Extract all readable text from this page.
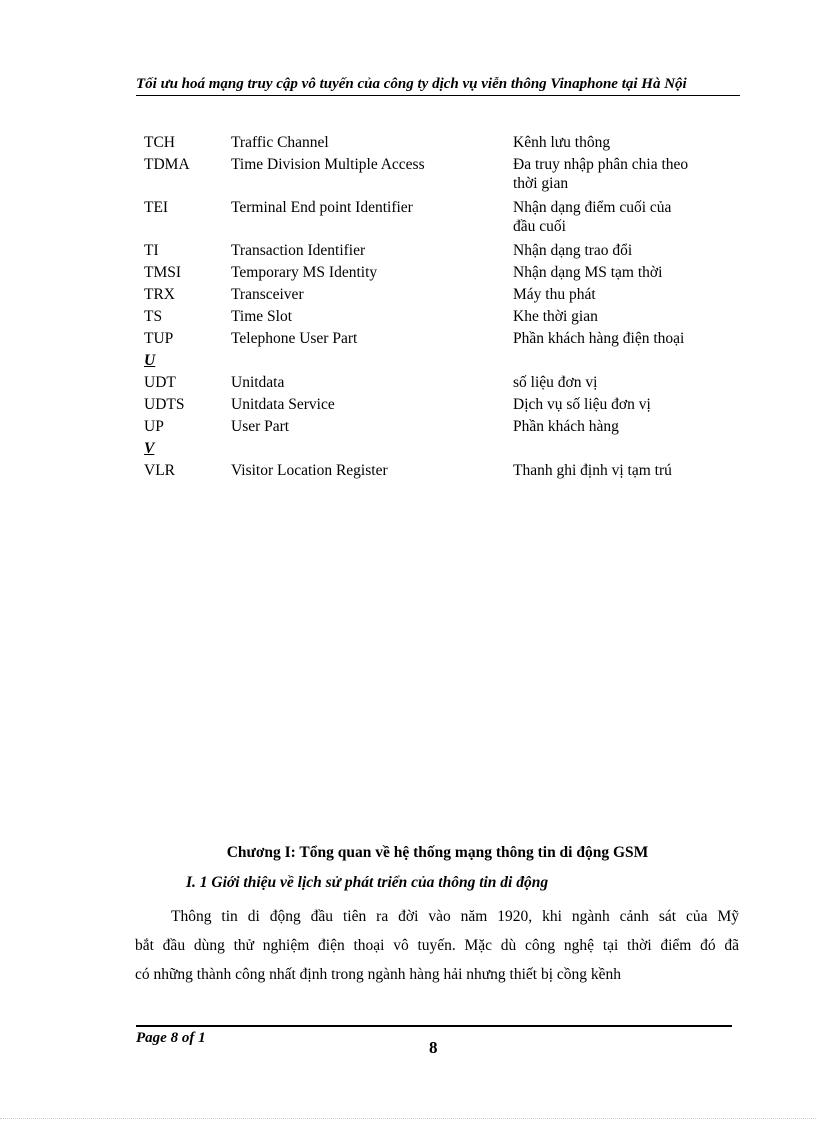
Tối ưu hoá mạng truy cập vô tuyến của công ty dịch vụ viễn thông Vinaphone tại Hà Nội
TCH	Traffic Channel	Kênh lưu thông
TDMA	Time Division Multiple Access	Đa truy nhập phân chia theo
thời gian
TEI	Terminal End point Identifier	Nhận dạng điểm cuối của
đầu cuối
TI	Transaction Identifier	Nhận dạng trao đổi
TMSI	Temporary MS Identity	Nhận dạng MS tạm thời
TRX	Transceiver	Máy thu phát
TS	Time Slot	Khe thời gian
TUP	Telephone User Part	Phần khách hàng điện thoại
U
UDT	Unitdata	số liệu đơn vị
UDTS	Unitdata Service	Dịch vụ số liệu đơn vị
UP	User Part	Phần khách hàng
V
VLR	Visitor Location Register	Thanh ghi định vị tạm trú
Chương I: Tổng quan về hệ thống mạng thông tin di động GSM
I. 1 Giới thiệu về lịch sử phát triển của thông tin di động

Thông tin di động đầu tiên ra đời vào năm 1920, khi ngành cảnh sát của Mỹ

bắt đầu dùng thử nghiệm điện thoại vô tuyến. Mặc dù công nghệ tại thời điểm đó đã

có những thành công nhất định trong ngành hàng hải nhưng thiết bị cồng kềnh

Page 8 of 1	8
